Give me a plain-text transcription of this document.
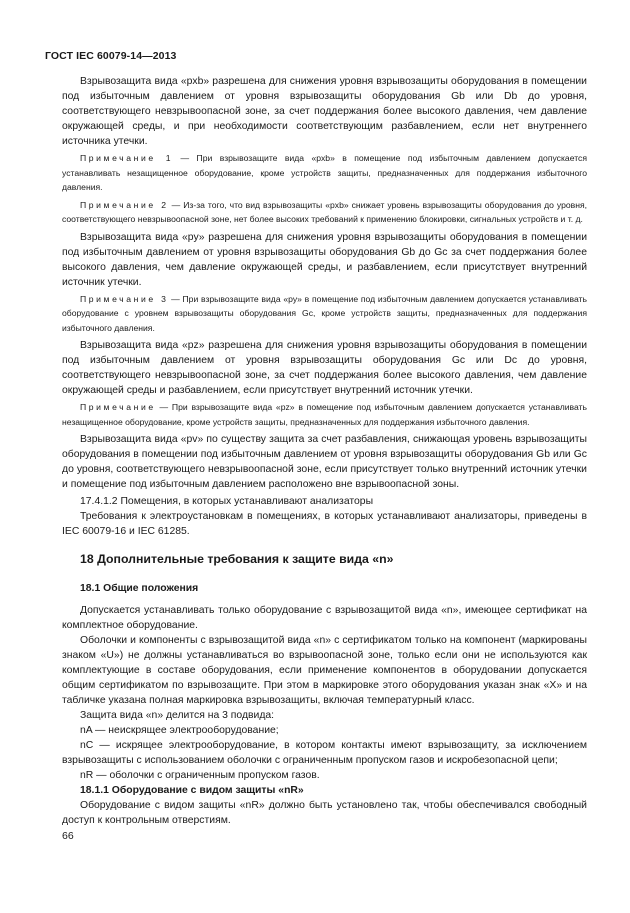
ГОСТ IEC 60079-14—2013

Взрывозащита вида «pxb» разрешена для снижения уровня взрывозащиты оборудования в помещении под избыточным давлением от уровня взрывозащиты оборудования Gb или Db до уровня, соответствующего невзрывоопасной зоне, за счет поддержания более высокого давления, чем давление окружающей среды, и при необходимости соответствующим разбавлением, если нет внутреннего источника утечки.

Примечание 1 — При взрывозащите вида «pxb» в помещение под избыточным давлением допускается устанавливать незащищенное оборудование, кроме устройств защиты, предназначенных для поддержания избыточного давления.

Примечание 2 — Из-за того, что вид взрывозащиты «pxb» снижает уровень взрывозащиты оборудования до уровня, соответствующего невзрывоопасной зоне, нет более высоких требований к применению блокировки, сигнальных устройств и т. д.

Взрывозащита вида «py» разрешена для снижения уровня взрывозащиты оборудования в помещении под избыточным давлением от уровня взрывозащиты оборудования Gb до Gc за счет поддержания более высокого давления, чем давление окружающей среды, и разбавлением, если присутствует внутренний источник утечки.

Примечание 3 — При взрывозащите вида «py» в помещение под избыточным давлением допускается устанавливать оборудование с уровнем взрывозащиты оборудования Gc, кроме устройств защиты, предназначенных для поддержания избыточного давления.

Взрывозащита вида «pz» разрешена для снижения уровня взрывозащиты оборудования в помещении под избыточным давлением от уровня взрывозащиты оборудования Gc или Dc до уровня, соответствующего невзрывоопасной зоне, за счет поддержания более высокого давления, чем давление окружающей среды и разбавлением, если присутствует внутренний источник утечки.

Примечание — При взрывозащите вида «pz» в помещение под избыточным давлением допускается устанавливать незащищенное оборудование, кроме устройств защиты, предназначенных для поддержания избыточного давления.

Взрывозащита вида «pv» по существу защита за счет разбавления, снижающая уровень взрывозащиты оборудования в помещении под избыточным давлением от уровня взрывозащиты оборудования Gb или Gc до уровня, соответствующего невзрывоопасной зоне, если присутствует только внутренний источник утечки и помещение под избыточным давлением расположено вне взрывоопасной зоны.

17.4.1.2 Помещения, в которых устанавливают анализаторы

Требования к электроустановкам в помещениях, в которых устанавливают анализаторы, приведены в IEC 60079-16 и IEC 61285.

18 Дополнительные требования к защите вида «n»

18.1 Общие положения

Допускается устанавливать только оборудование с взрывозащитой вида «n», имеющее сертификат на комплектное оборудование.

Оболочки и компоненты с взрывозащитой вида «n» с сертификатом только на компонент (маркированы знаком «U») не должны устанавливаться во взрывоопасной зоне, только если они не используются как комплектующие в составе оборудования, если применение компонентов в оборудовании допускается общим сертификатом по взрывозащите. При этом в маркировке этого оборудования указан знак «X» и на табличке указана полная маркировка взрывозащиты, включая температурный класс.

Защита вида «n» делится на 3 подвида:

nA — неискрящее электрооборудование;

nC — искрящее электрооборудование, в котором контакты имеют взрывозащиту, за исключением взрывозащиты с использованием оболочки с ограниченным пропуском газов и искробезопасной цепи;

nR — оболочки с ограниченным пропуском газов.

18.1.1 Оборудование с видом защиты «nR»

Оборудование с видом защиты «nR» должно быть установлено так, чтобы обеспечивался свободный доступ к контрольным отверстиям.

66
